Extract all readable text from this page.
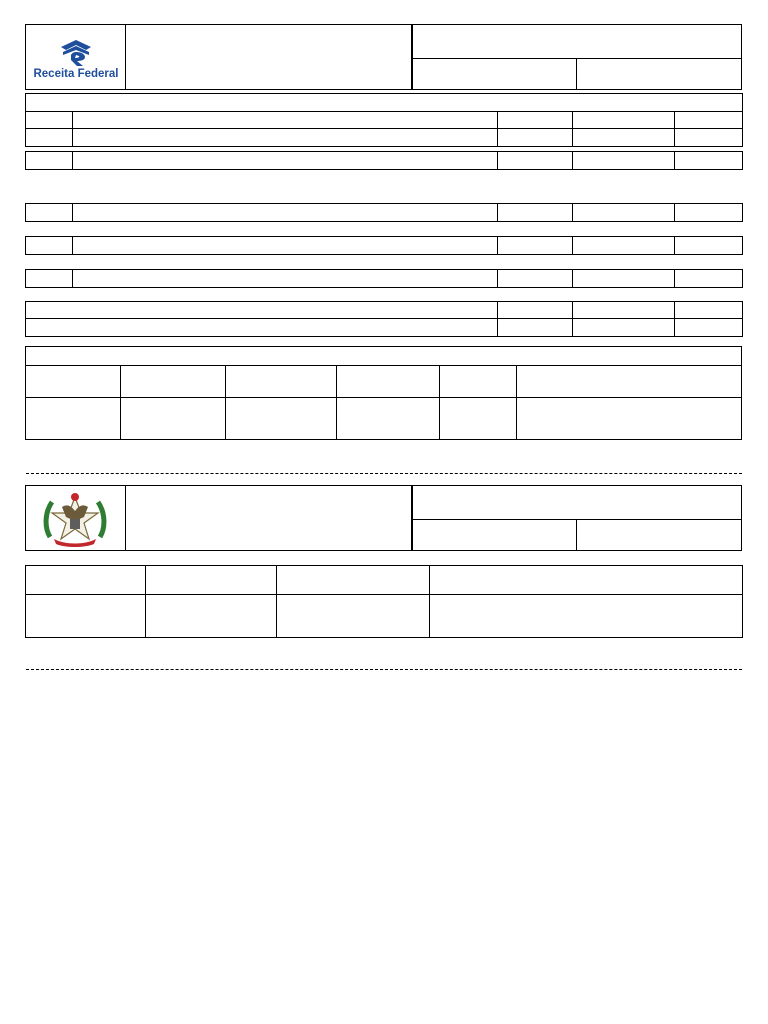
Receita Federal
